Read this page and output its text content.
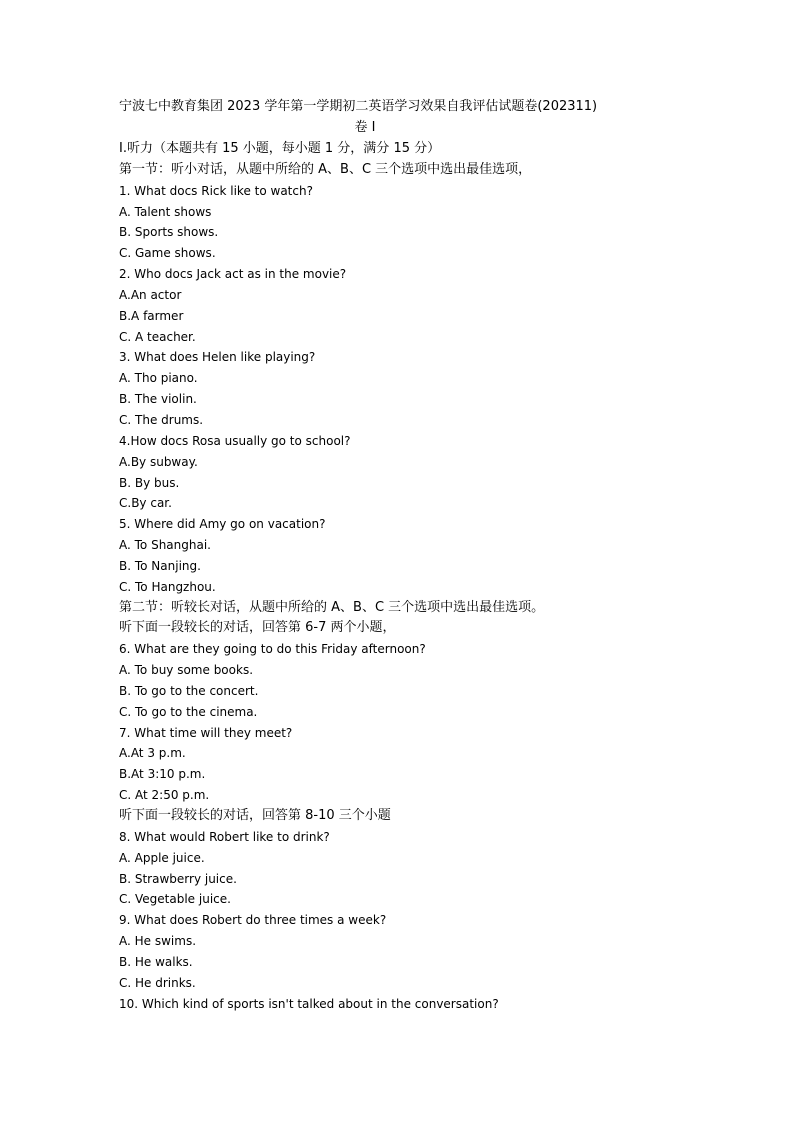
宁波七中教育集团 2023 学年第一学期初二英语学习效果自我评估试题卷(202311)
卷 I
I.听力（本题共有 15 小题，每小题 1 分，满分 15 分）
第一节：听小对话，从题中所给的 A、B、C 三个选项中选出最佳选项，
1. What docs Rick like to watch?
A. Talent shows
B. Sports shows.
C. Game shows.
2. Who docs Jack act as in the movie?
A.An actor
B.A farmer
C. A teacher.
3. What does Helen like playing?
A. Tho piano.
B. The violin.
C. The drums.
4.How docs Rosa usually go to school?
A.By subway.
B. By bus.
C.By car.
5. Where did Amy go on vacation?
A. To Shanghai.
B. To Nanjing.
C. To Hangzhou.
第二节：听较长对话，从题中所给的 A、B、C 三个选项中选出最佳选项。
听下面一段较长的对话，回答第 6-7 两个小题，
6. What are they going to do this Friday afternoon?
A. To buy some books.
B. To go to the concert.
C. To go to the cinema.
7. What time will they meet?
A.At 3 p.m.
B.At 3:10 p.m.
C. At 2:50 p.m.
听下面一段较长的对话，回答第 8-10 三个小题
8. What would Robert like to drink?
A. Apple juice.
B. Strawberry juice.
C. Vegetable juice.
9. What does Robert do three times a week?
A. He swims.
B. He walks.
C. He drinks.
10. Which kind of sports isn't talked about in the conversation?
